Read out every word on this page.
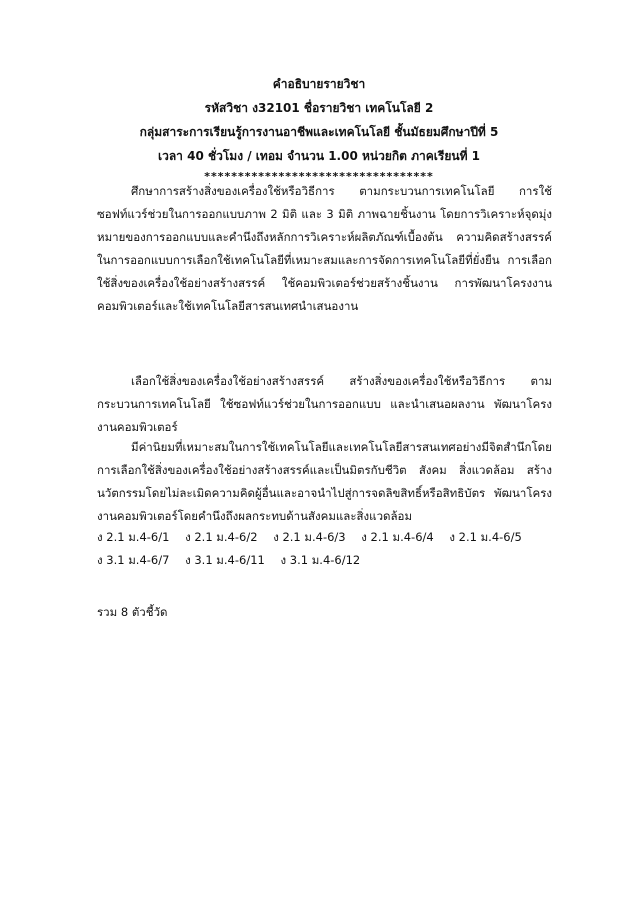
คำอธิบายรายวิชา
รหัสวิชา ง32101 ชื่อรายวิชา เทคโนโลยี 2
กลุ่มสาระการเรียนรู้การงานอาชีพและเทคโนโลยี ชั้นมัธยมศึกษาปีที่ 5
เวลา 40 ชั่วโมง / เทอม จำนวน 1.00 หน่วยกิต ภาคเรียนที่ 1
**********************************
ศึกษาการสร้างสิ่งของเครื่องใช้หรือวิธีการ ตามกระบวนการเทคโนโลยี การใช้ซอฟท์แวร์ช่วยในการออกแบบภาพ 2 มิติ และ 3 มิติ ภาพฉายชิ้นงาน โดยการวิเคราะห์จุดมุ่งหมายของการออกแบบและคำนึงถึงหลักการวิเคราะห์ผลิตภัณฑ์เบื้องต้น ความคิดสร้างสรรค์ ในการออกแบบการเลือกใช้เทคโนโลยีที่เหมาะสมและการจัดการเทคโนโลยีที่ยั่งยืน การเลือกใช้สิ่งของเครื่องใช้อย่างสร้างสรรค์ ใช้คอมพิวเตอร์ช่วยสร้างชิ้นงาน การพัฒนาโครงงานคอมพิวเตอร์และใช้เทคโนโลยีสารสนเทศนำเสนองาน
เลือกใช้สิ่งของเครื่องใช้อย่างสร้างสรรค์ สร้างสิ่งของเครื่องใช้หรือวิธีการ ตามกระบวนการเทคโนโลยี ใช้ซอฟท์แวร์ช่วยในการออกแบบ และนำเสนอผลงาน พัฒนาโครงงานคอมพิวเตอร์
มีค่านิยมที่เหมาะสมในการใช้เทคโนโลยีและเทคโนโลยีสารสนเทศอย่างมีจิตสำนึกโดยการเลือกใช้สิ่งของเครื่องใช้อย่างสร้างสรรค์และเป็นมิตรกับชีวิต สังคม สิ่งแวดล้อม สร้างนวัตกรรมโดยไม่ละเมิดความคิดผู้อื่นและอาจนำไปสู่การจดลิขสิทธิ์หรือสิทธิบัตร พัฒนาโครงงานคอมพิวเตอร์โดยคำนึงถึงผลกระทบด้านสังคมและสิ่งแวดล้อม
ง 2.1 ม.4-6/1 ง 2.1 ม.4-6/2 ง 2.1 ม.4-6/3 ง 2.1 ม.4-6/4 ง 2.1 ม.4-6/5 ง 3.1 ม.4-6/7 ง 3.1 ม.4-6/11 ง 3.1 ม.4-6/12
รวม 8 ตัวชี้วัด
